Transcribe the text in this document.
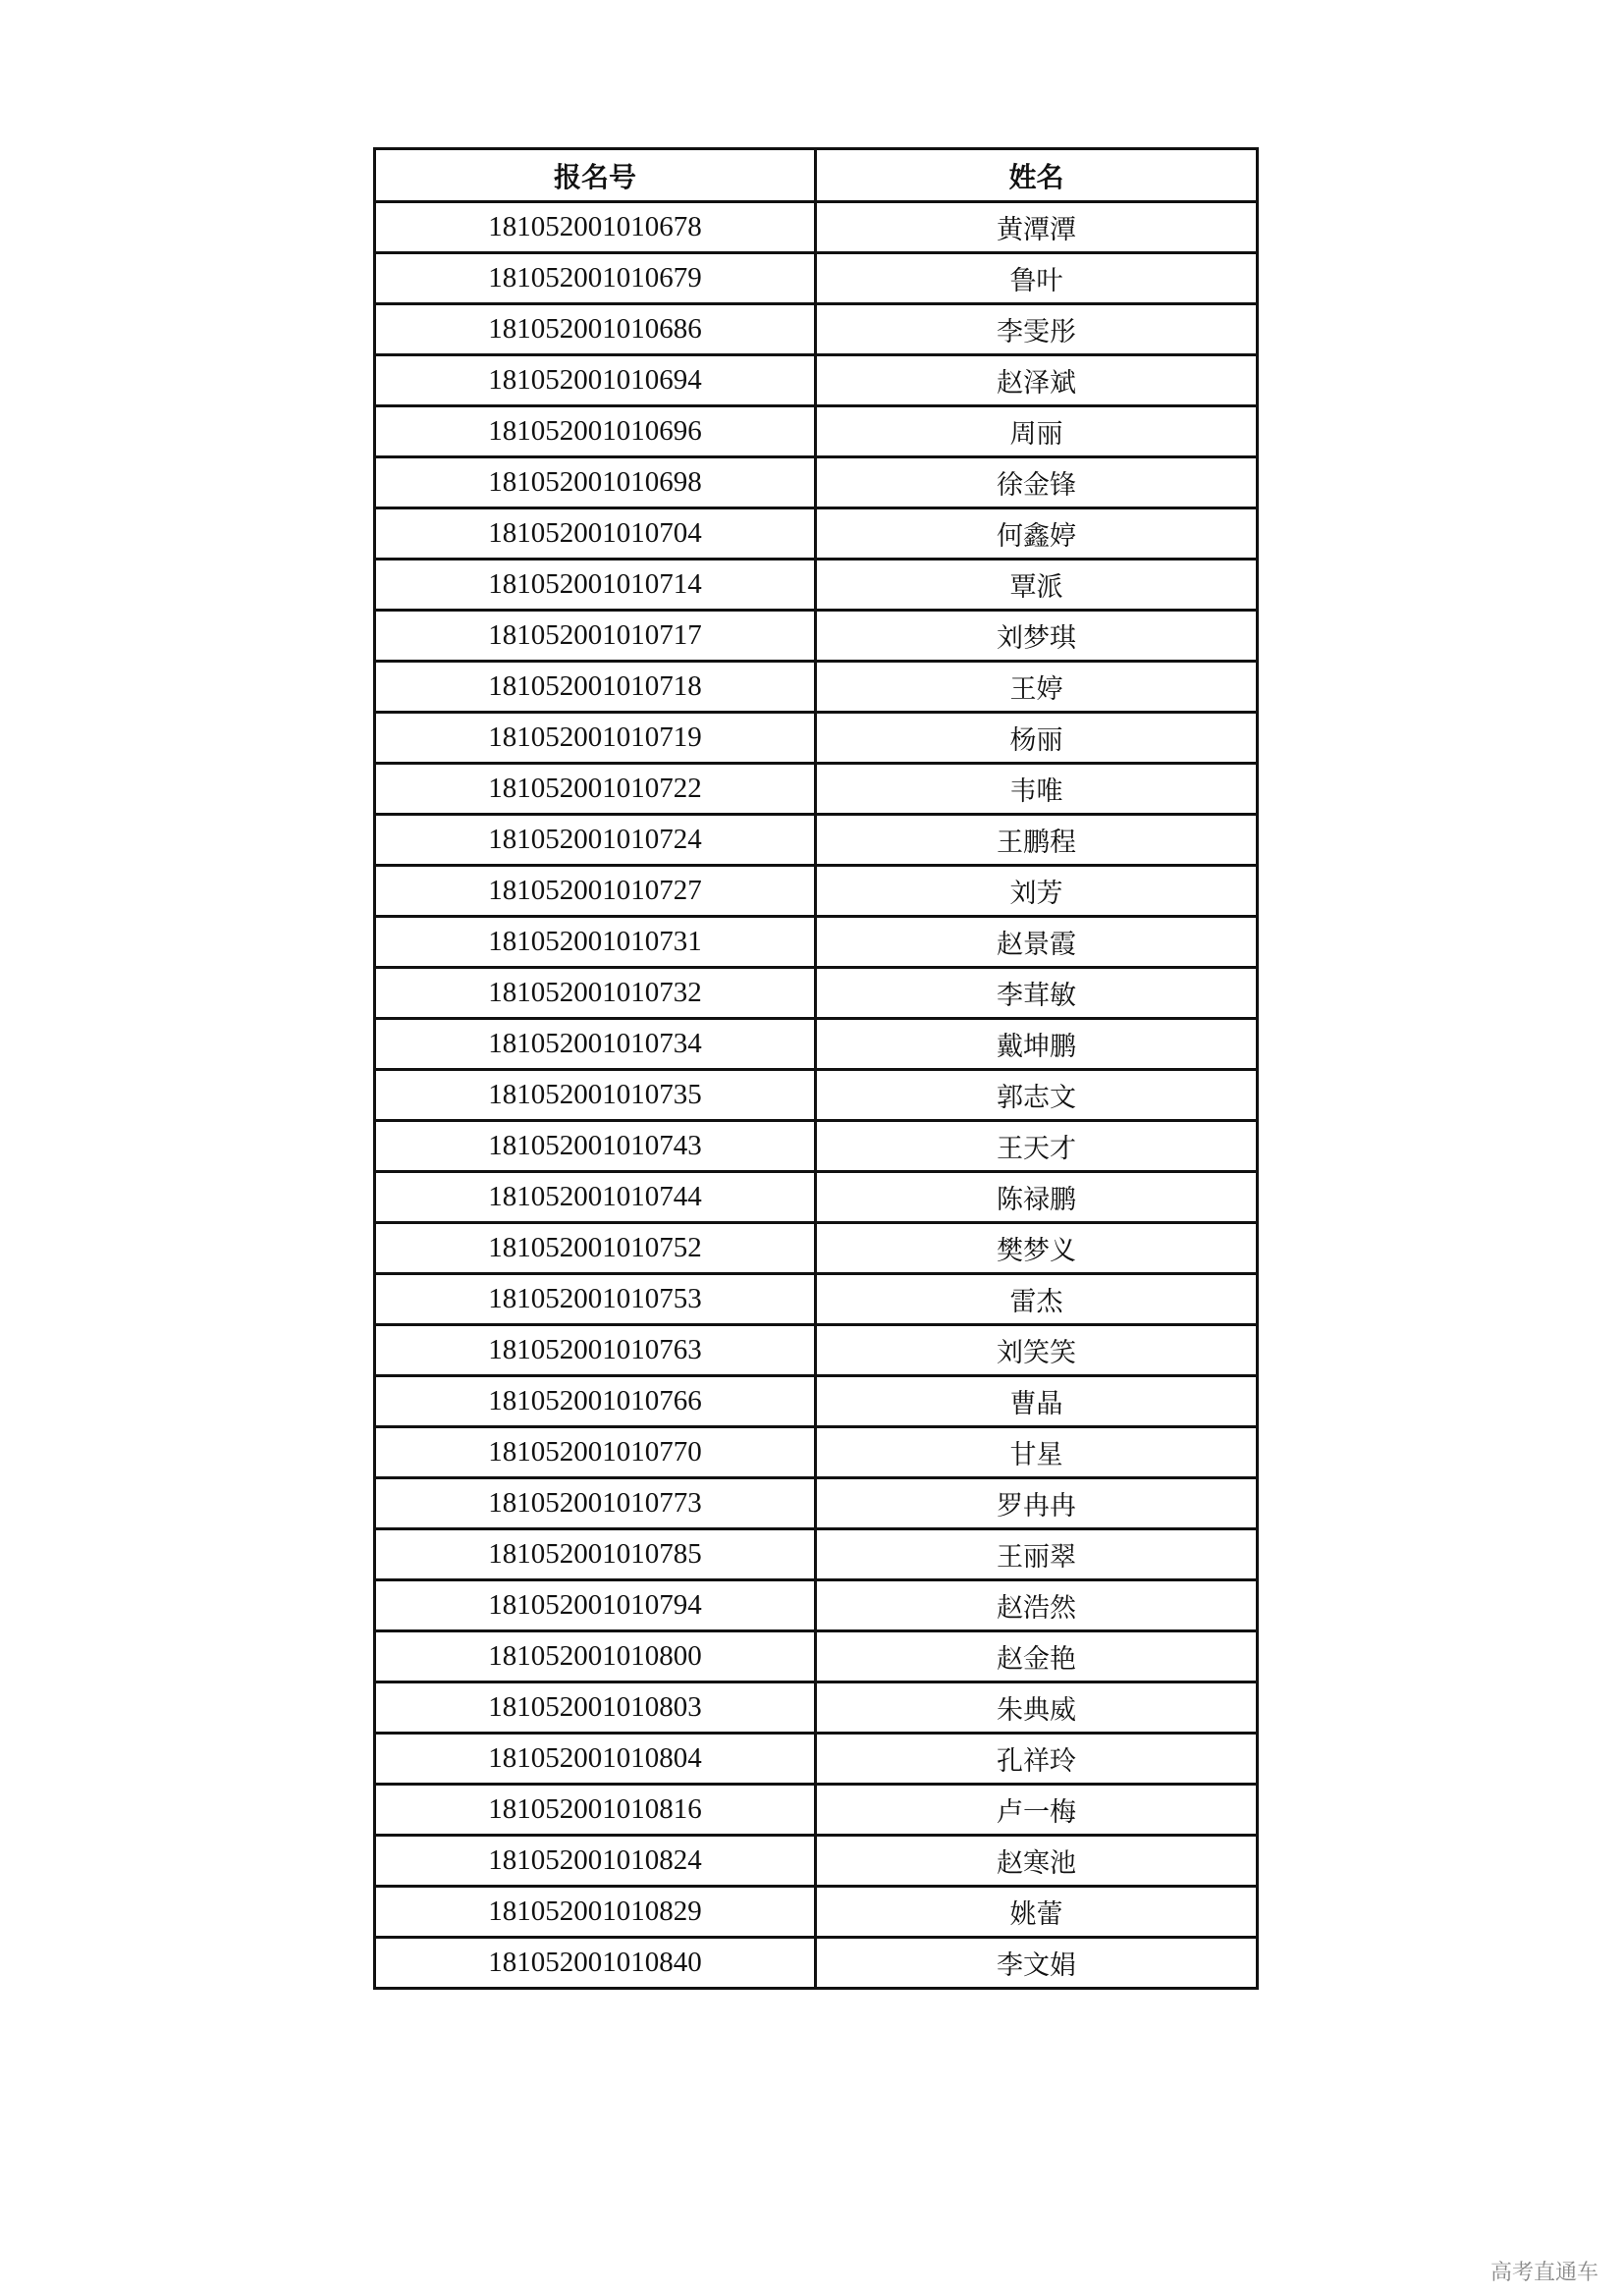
报名号	姓名
181052001010678	黄潭潭
181052001010679	鲁叶
181052001010686	李雯彤
181052001010694	赵泽斌
181052001010696	周丽
181052001010698	徐金锋
181052001010704	何鑫婷
181052001010714	覃派
181052001010717	刘梦琪
181052001010718	王婷
181052001010719	杨丽
181052001010722	韦唯
181052001010724	王鹏程
181052001010727	刘芳
181052001010731	赵景霞
181052001010732	李茸敏
181052001010734	戴坤鹏
181052001010735	郭志文
181052001010743	王天才
181052001010744	陈禄鹏
181052001010752	樊梦义
181052001010753	雷杰
181052001010763	刘笑笑
181052001010766	曹晶
181052001010770	甘星
181052001010773	罗冉冉
181052001010785	王丽翠
181052001010794	赵浩然
181052001010800	赵金艳
181052001010803	朱典威
181052001010804	孔祥玲
181052001010816	卢一梅
181052001010824	赵寒池
181052001010829	姚蕾
181052001010840	李文娟
高考直通车
